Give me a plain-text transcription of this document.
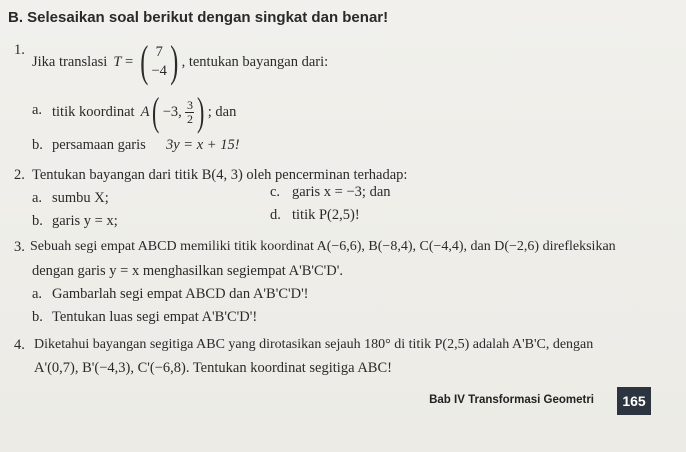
B. Selesaikan soal berikut dengan singkat dan benar!
1.
Jika translasi T = ( 7
−4 ) , tentukan bayangan dari:
a. titik koordinat A ( −3, $\frac{3}{2}$ ) ; dan
b. persamaan garis 3y = x + 15!
2. Tentukan bayangan dari titik B(4, 3) oleh pencerminan terhadap:
a. sumbu X;	c. garis x = −3; dan
b. garis y = x;	d. titik P(2,5)!
3. Sebuah segi empat ABCD memiliki titik koordinat A(−6,6), B(−8,4), C(−4,4), dan D(−2,6) direfleksikan
dengan garis y = x menghasilkan segiempat A'B'C'D'.
a. Gambarlah segi empat ABCD dan A'B'C'D'!
b. Tentukan luas segi empat A'B'C'D'!
4. Diketahui bayangan segitiga ABC yang dirotasikan sejauh 180° di titik P(2,5) adalah A'B'C, dengan
A'(0,7), B'(−4,3), C'(−6,8). Tentukan koordinat segitiga ABC!
Bab IV Transformasi Geometri 165
